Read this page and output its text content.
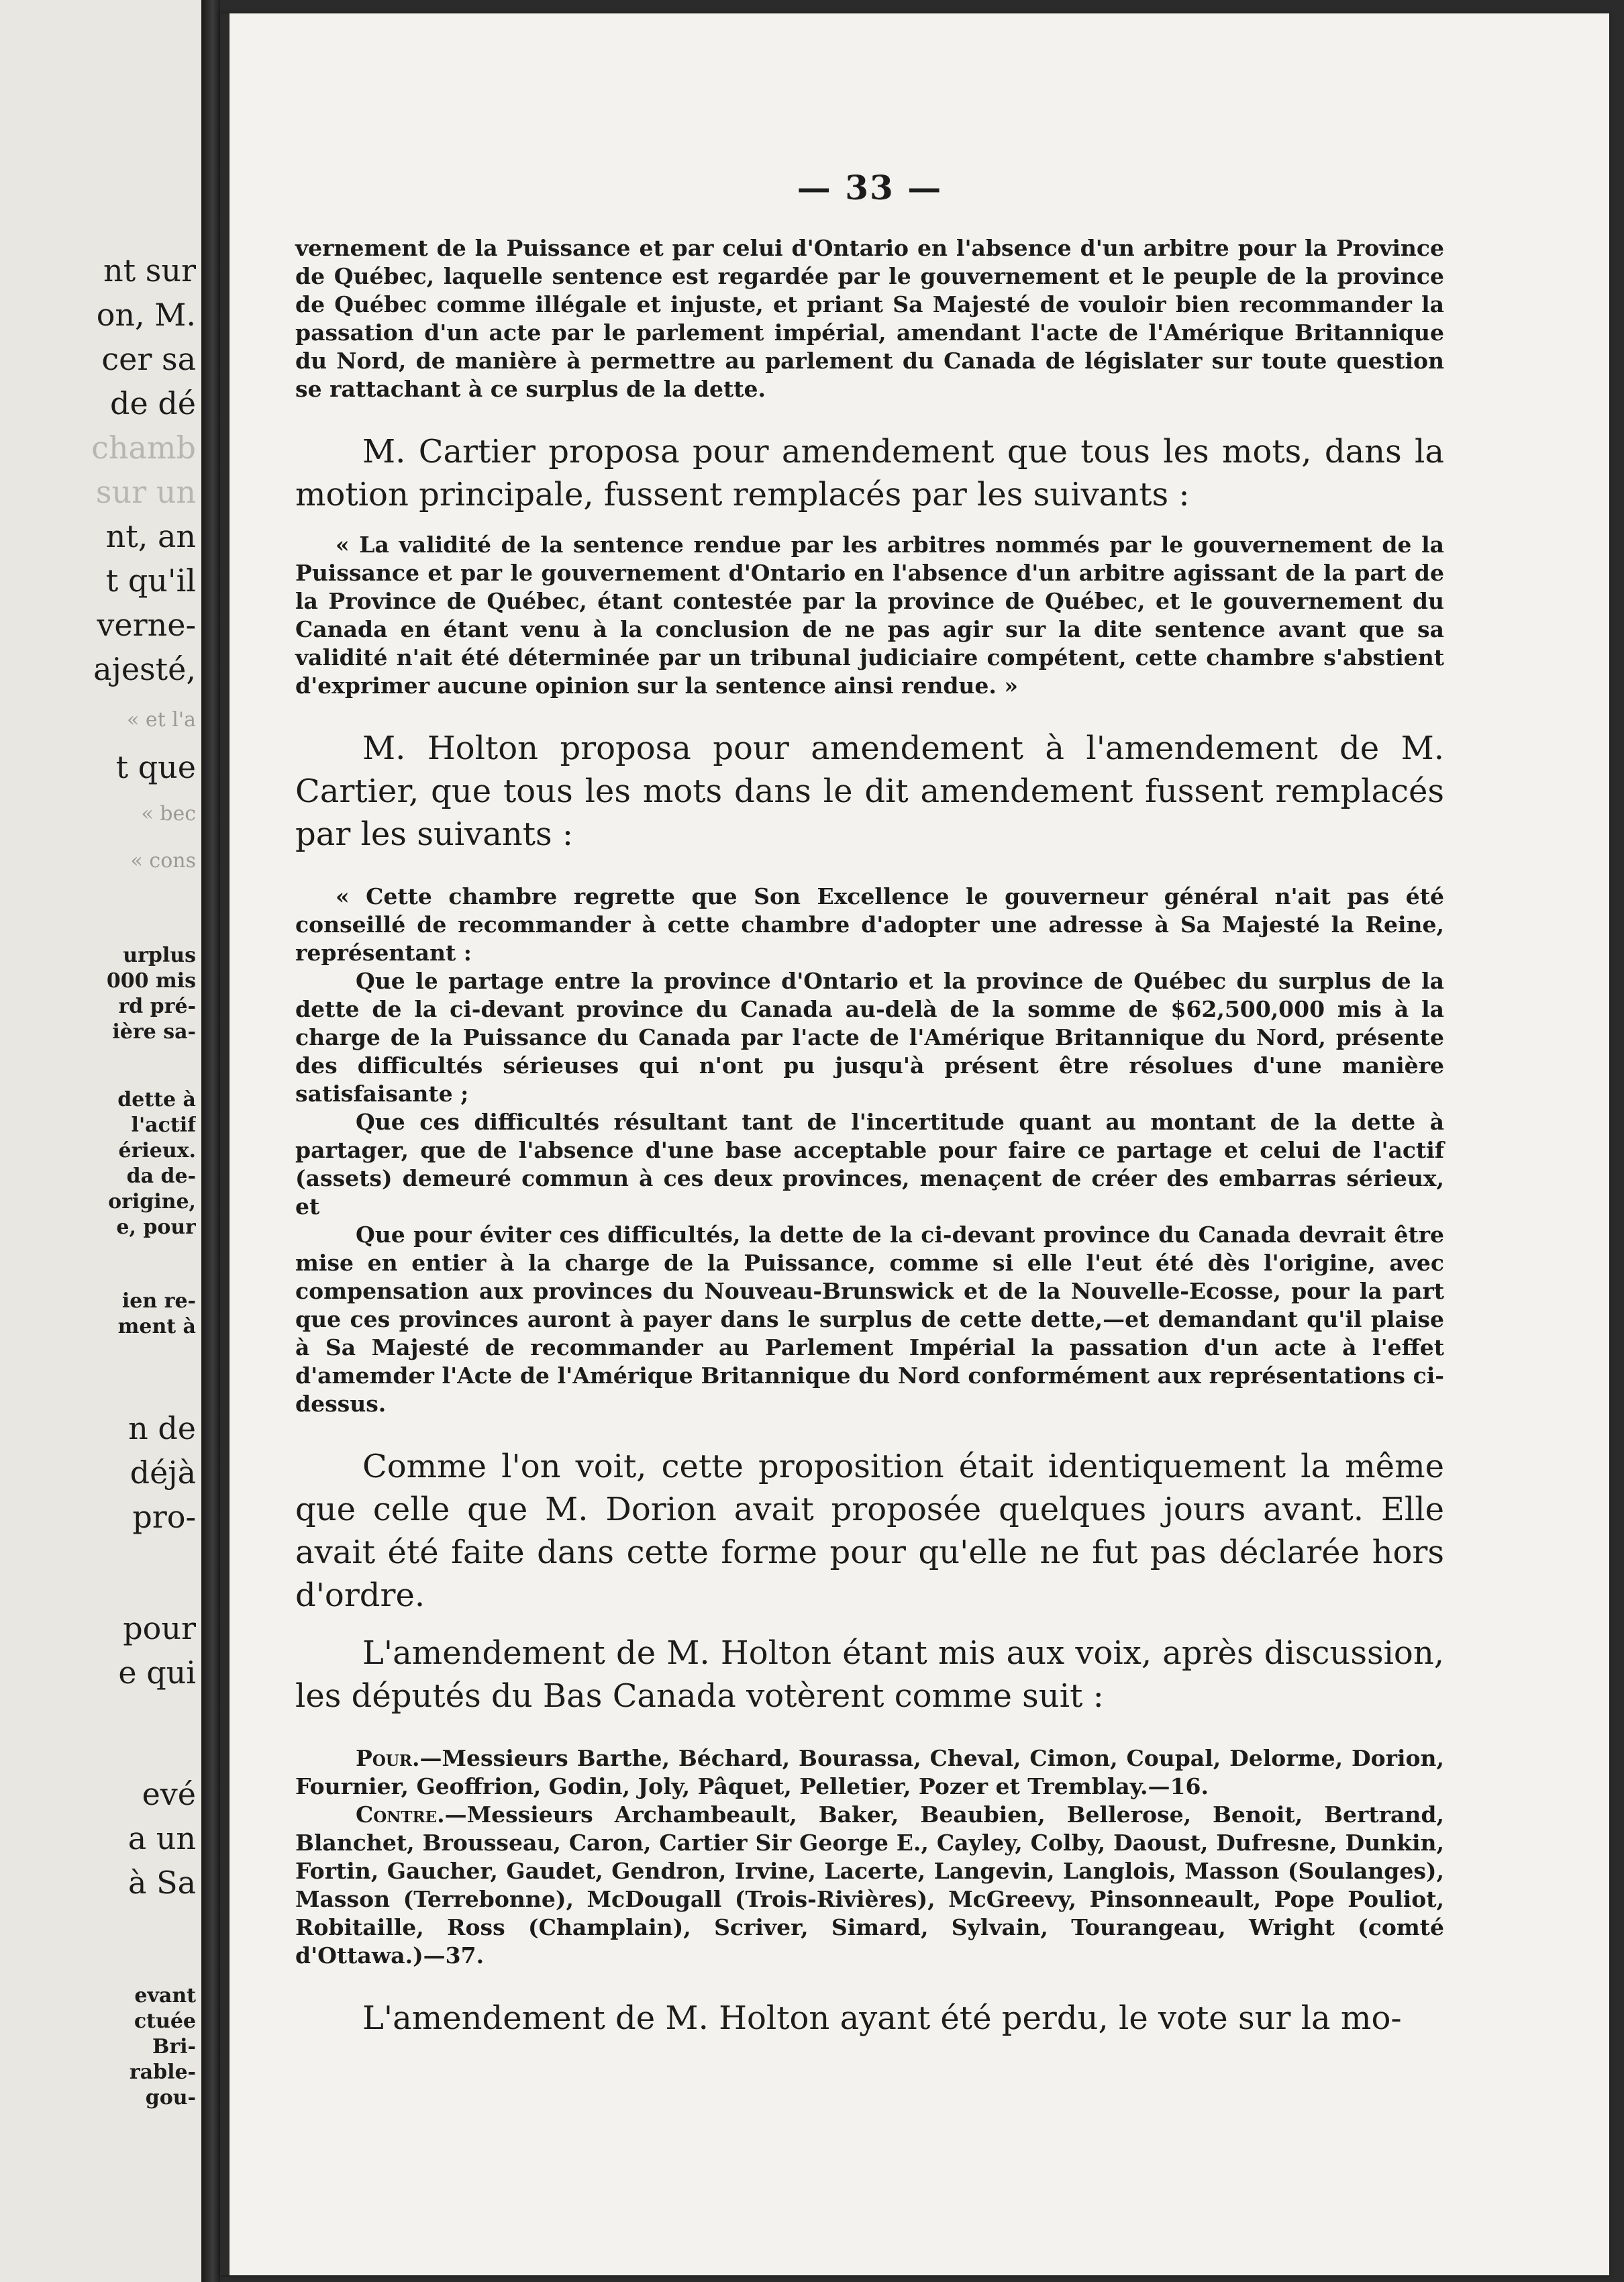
nt sur
on, M.
cer sa
de dé
chamb
sur un
nt, an
t qu'il
verne-
ajesté,
« et l'a
t que
« bec
« cons
urplus
000 mis
rd pré-
ière sa-
dette à
l'actif
érieux.
da de-
origine,
e, pour
ien re-
ment à
n de
déjà
pro-
pour
e qui
evé
a un
à Sa
evant
ctuée
Bri-
rable-
gou-
— 33 —

vernement de la Puissance et par celui d'Ontario en l'absence d'un arbitre pour la Province de Québec, laquelle sentence est regardée par le gouvernement et le peuple de la province de Québec comme illégale et injuste, et priant Sa Majesté de vouloir bien recommander la passation d'un acte par le parlement impérial, amendant l'acte de l'Amérique Britannique du Nord, de manière à permettre au parlement du Canada de législater sur toute question se rattachant à ce surplus de la dette.

M. Cartier proposa pour amendement que tous les mots, dans la motion principale, fussent remplacés par les suivants :

« La validité de la sentence rendue par les arbitres nommés par le gouvernement de la Puissance et par le gouvernement d'Ontario en l'absence d'un arbitre agissant de la part de la Province de Québec, étant contestée par la province de Québec, et le gouvernement du Canada en étant venu à la conclusion de ne pas agir sur la dite sentence avant que sa validité n'ait été déterminée par un tribunal judiciaire compétent, cette chambre s'abstient d'exprimer aucune opinion sur la sentence ainsi rendue. »

M. Holton proposa pour amendement à l'amendement de M. Cartier, que tous les mots dans le dit amendement fussent remplacés par les suivants :

« Cette chambre regrette que Son Excellence le gouverneur général n'ait pas été conseillé de recommander à cette chambre d'adopter une adresse à Sa Majesté la Reine, représentant :

Que le partage entre la province d'Ontario et la province de Québec du surplus de la dette de la ci-devant province du Canada au-delà de la somme de $62,500,000 mis à la charge de la Puissance du Canada par l'acte de l'Amérique Britannique du Nord, présente des difficultés sérieuses qui n'ont pu jusqu'à présent être résolues d'une manière satisfaisante ;

Que ces difficultés résultant tant de l'incertitude quant au montant de la dette à partager, que de l'absence d'une base acceptable pour faire ce partage et celui de l'actif (assets) demeuré commun à ces deux provinces, menaçent de créer des embarras sérieux, et

Que pour éviter ces difficultés, la dette de la ci-devant province du Canada devrait être mise en entier à la charge de la Puissance, comme si elle l'eut été dès l'origine, avec compensation aux provinces du Nouveau-Brunswick et de la Nouvelle-Ecosse, pour la part que ces provinces auront à payer dans le surplus de cette dette,—et demandant qu'il plaise à Sa Majesté de recommander au Parlement Impérial la passation d'un acte à l'effet d'amemder l'Acte de l'Amérique Britannique du Nord conformément aux représentations ci-dessus.

Comme l'on voit, cette proposition était identiquement la même que celle que M. Dorion avait proposée quelques jours avant. Elle avait été faite dans cette forme pour qu'elle ne fut pas déclarée hors d'ordre.

L'amendement de M. Holton étant mis aux voix, après discussion, les députés du Bas Canada votèrent comme suit :

Pour.—Messieurs Barthe, Béchard, Bourassa, Cheval, Cimon, Coupal, Delorme, Dorion, Fournier, Geoffrion, Godin, Joly, Pâquet, Pelletier, Pozer et Tremblay.—16.

Contre.—Messieurs Archambeault, Baker, Beaubien, Bellerose, Benoit, Bertrand, Blanchet, Brousseau, Caron, Cartier Sir George E., Cayley, Colby, Daoust, Dufresne, Dunkin, Fortin, Gaucher, Gaudet, Gendron, Irvine, Lacerte, Langevin, Langlois, Masson (Soulanges), Masson (Terrebonne), McDougall (Trois-Rivières), McGreevy, Pinsonneault, Pope Pouliot, Robitaille, Ross (Champlain), Scriver, Simard, Sylvain, Tourangeau, Wright (comté d'Ottawa.)—37.

L'amendement de M. Holton ayant été perdu, le vote sur la mo-
